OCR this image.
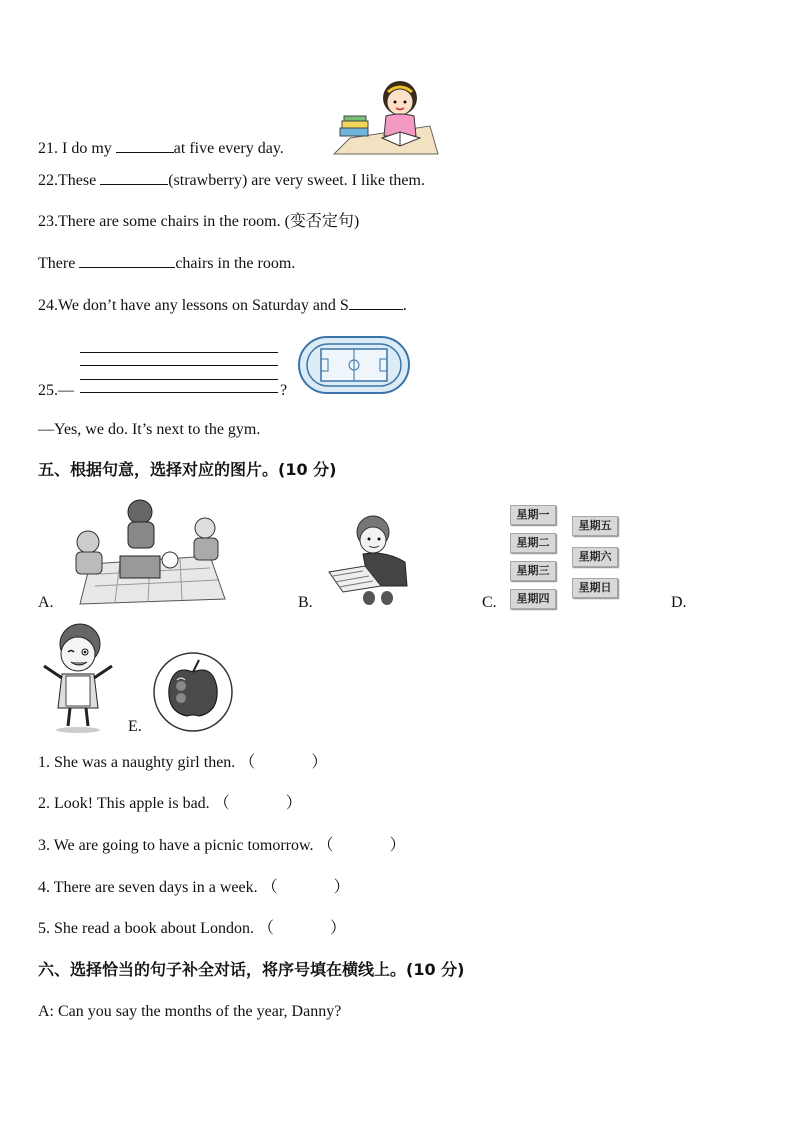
21. I do my	at five every day.
22.These	(strawberry) are very sweet. I like them.
23.There are some chairs in the room. (变否定句)
There	chairs in the room.
24.We don’t have any lessons on Saturday and S	.
25.—	?
—Yes, we do. It’s next to the gym.
五、根据句意，选择对应的图片。(10 分)
A.	B.	C.
星期一
星期二
星期三
星期四
星期五
星期六
星期日
D.
E.
1. She was a naughty girl then. （	）
2. Look! This apple is bad. （	）
3. We are going to have a picnic tomorrow. （	）
4. There are seven days in a week. （	）
5. She read a book about London. （	）
六、选择恰当的句子补全对话，将序号填在横线上。(10 分)
A: Can you say the months of the year, Danny?
